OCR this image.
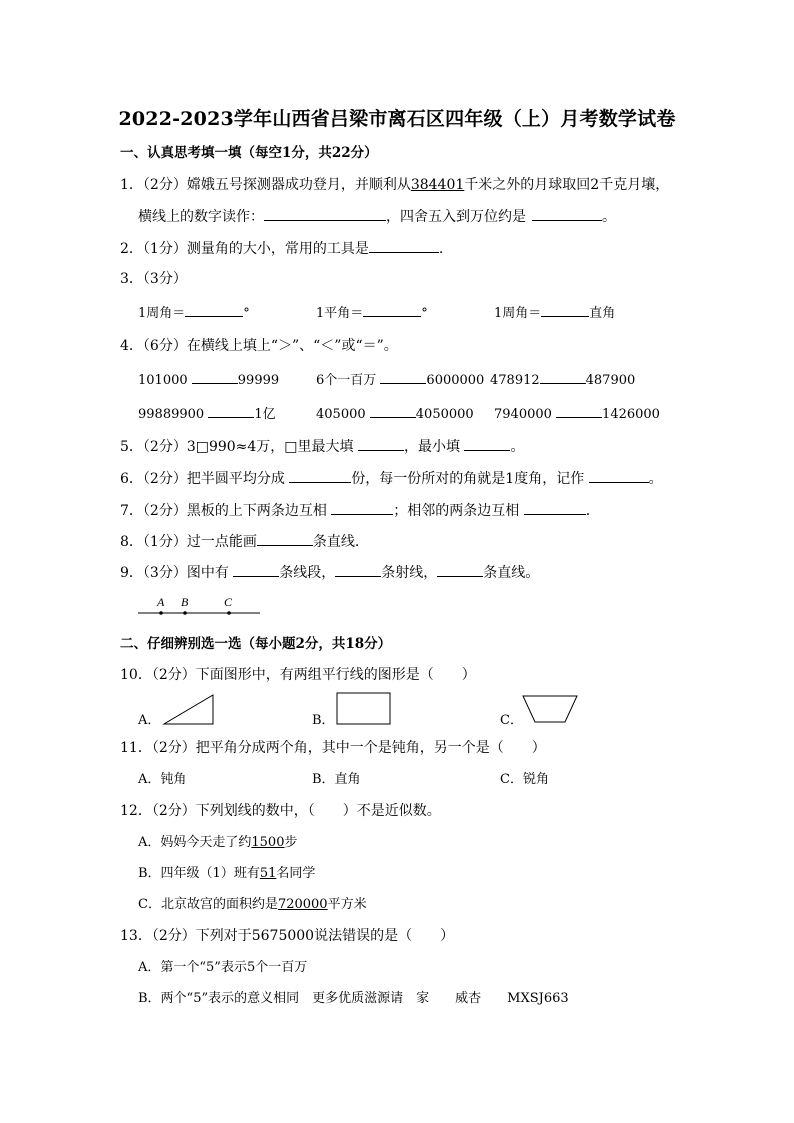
2022-2023学年山西省吕梁市离石区四年级（上）月考数学试卷
一、认真思考填一填（每空1分，共22分）
1．（2分）嫦娥五号探测器成功登月，并顺利从384401千米之外的月球取回2千克月壤，
横线上的数字读作：	，四舍五入到万位约是	。
2．（1分）测量角的大小，常用的工具是	.
3．（3分）
1周角＝	°	1平角＝	°	1周角＝	直角
4．（6分）在横线上填上“＞”、“＜”或“＝”。
101000	99999	6个一百万	6000000 478912	487900
99889900	1亿	405000	4050000 7940000	1426000
5．（2分）3□990≈4万，□里最大填	，最小填	。
6．（2分）把半圆平均分成	份，每一份所对的角就是1度角，记作	。
7．（2分）黑板的上下两条边互相	；相邻的两条边互相	.
8．（1分）过一点能画	条直线.
9．（3分）图中有	条线段，	条射线，	条直线。
A B	C
二、仔细辨别选一选（每小题2分，共18分）
10．（2分）下面图形中，有两组平行线的图形是（　　）
A．	B．	C．
11．（2分）把平角分成两个角，其中一个是钝角，另一个是（　　）
A．钝角	B．直角	C．锐角
12．（2分）下列划线的数中，（　　）不是近似数。
A．妈妈今天走了约1500步
B．四年级（1）班有51名同学
C．北京故宫的面积约是720000平方米
13．（2分）下列对于5675000说法错误的是（　　）
A．第一个“5”表示5个一百万
B．两个“5”表示的意义相同　 更多优质滋源请　家　　威杏　　MXSJ663
